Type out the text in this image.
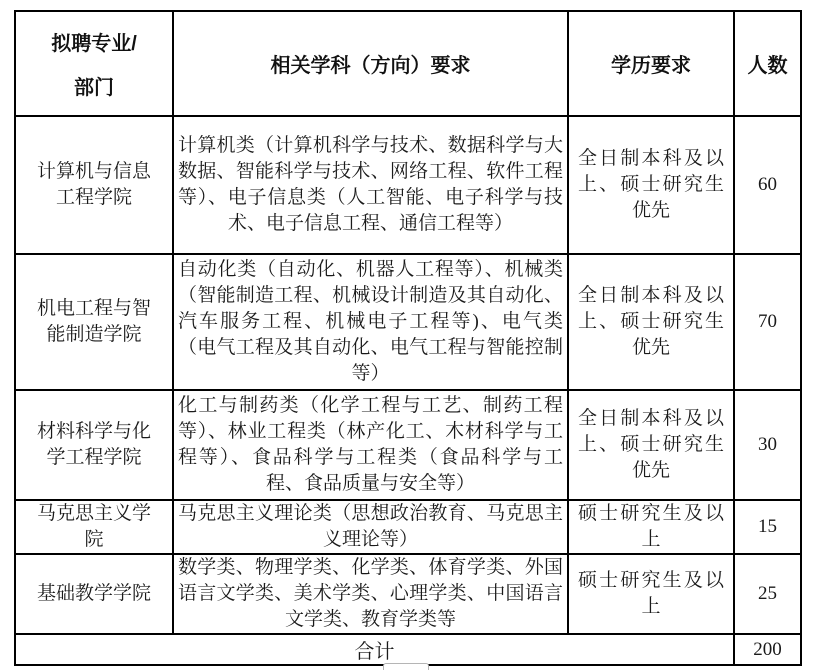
拟聘专业/
部门	相关学科（方向）要求	学历要求	人数
计算机与信息工程学院	计算机类（计算机科学与技术、数据科学与大数据、智能科学与技术、网络工程、软件工程等）、电子信息类（人工智能、电子科学与技术、电子信息工程、通信工程等）	全日制本科及以上、硕士研究生优先	60
机电工程与智能制造学院	自动化类（自动化、机器人工程等）、机械类（智能制造工程、机械设计制造及其自动化、汽车服务工程、机械电子工程等)、电气类（电气工程及其自动化、电气工程与智能控制等）	全日制本科及以上、硕士研究生优先	70
材料科学与化学工程学院	化工与制药类（化学工程与工艺、制药工程等）、林业工程类（林产化工、木材科学与工程等）、食品科学与工程类（食品科学与工程、食品质量与安全等）	全日制本科及以上、硕士研究生优先	30
马克思主义学院	马克思主义理论类（思想政治教育、马克思主义理论等）	硕士研究生及以上	15
基础教学学院	数学类、物理学类、化学类、体育学类、外国语言文学类、美术学类、心理学类、中国语言文学类、教育学类等	硕士研究生及以上	25
合计			200
